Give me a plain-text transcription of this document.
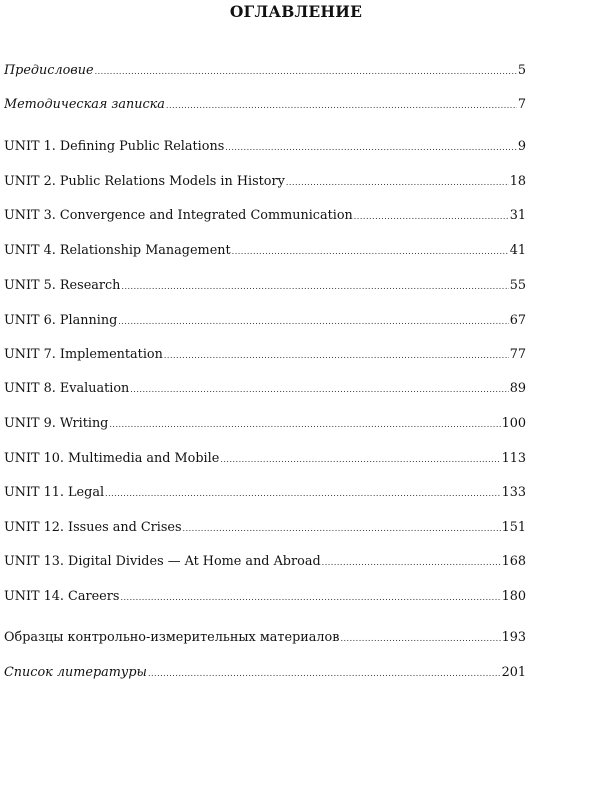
ОГЛАВЛЕНИЕ
Предисловие .....	5
Методическая записка .....	7
UNIT 1. Defining Public Relations .....	9
UNIT 2. Public Relations Models in History .....	18
UNIT 3. Convergence and Integrated Communication .....	31
UNIT 4. Relationship Management .....	41
UNIT 5. Research .....	55
UNIT 6. Planning .....	67
UNIT 7. Implementation .....	77
UNIT 8. Evaluation .....	89
UNIT 9. Writing .....	100
UNIT 10. Multimedia and Mobile .....	113
UNIT 11. Legal .....	133
UNIT 12. Issues and Crises .....	151
UNIT 13. Digital Divides — At Home and Abroad .....	168
UNIT 14. Careers .....	180
Образцы контрольно-измерительных материалов .....	193
Список литературы .....	201
